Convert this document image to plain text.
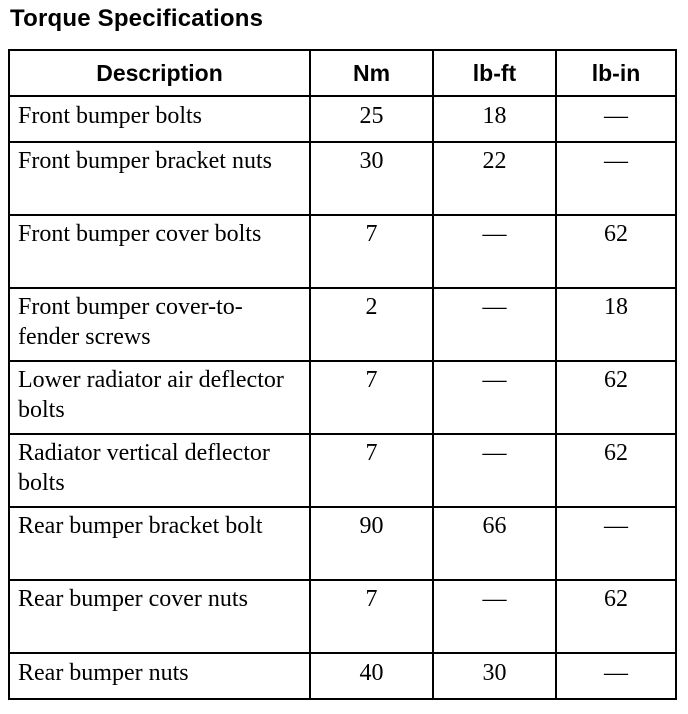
Torque Specifications
Description	Nm	lb-ft	lb-in
Front bumper bolts	25	18	—
Front bumper bracket nuts	30	22	—
Front bumper cover bolts	7	—	62
Front bumper cover-to-fender screws	2	—	18
Lower radiator air deflector bolts	7	—	62
Radiator vertical deflector bolts	7	—	62
Rear bumper bracket bolt	90	66	—
Rear bumper cover nuts	7	—	62
Rear bumper nuts	40	30	—
